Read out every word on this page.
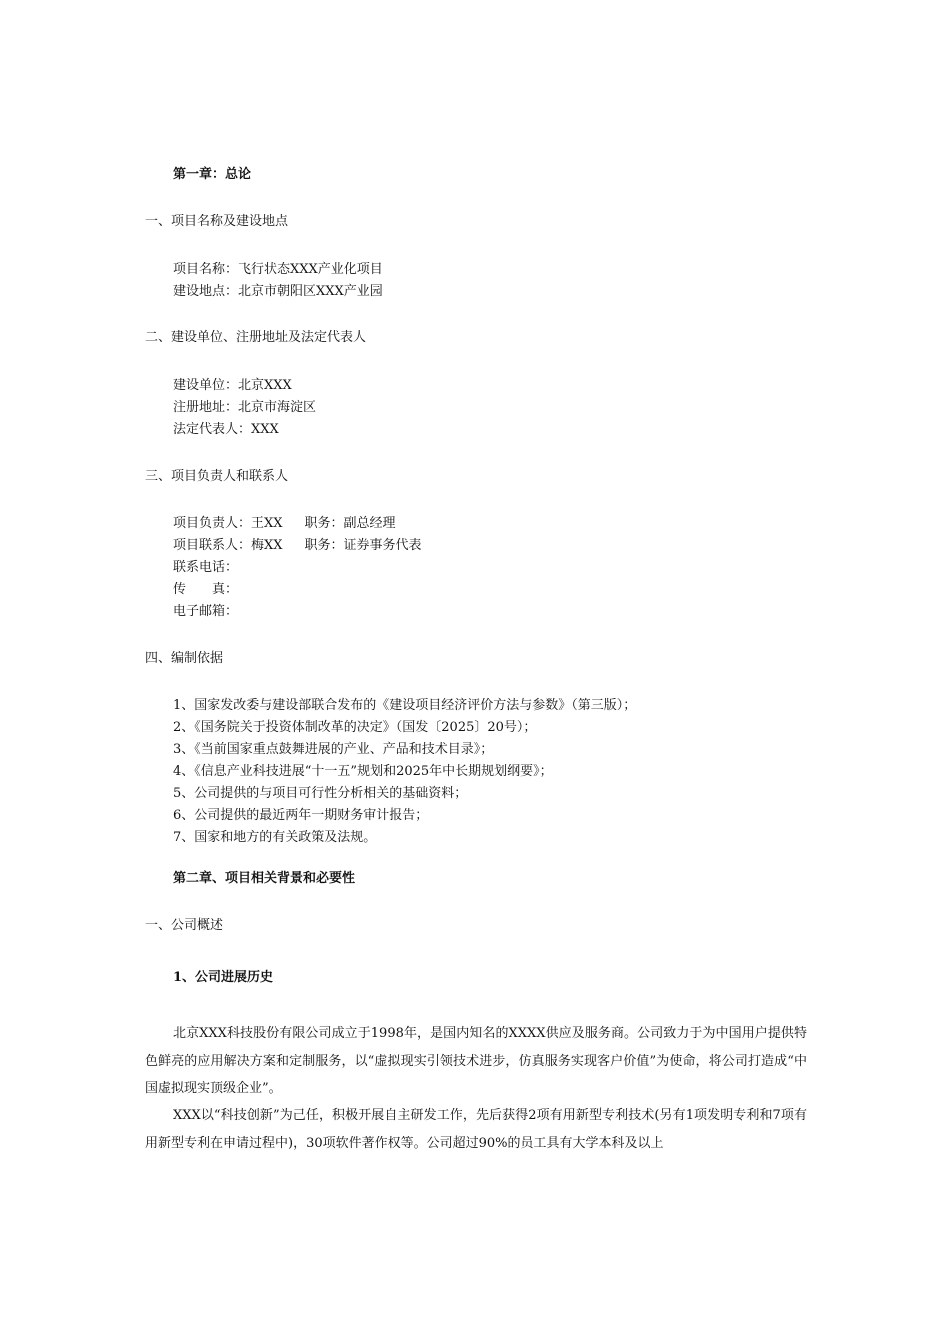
第一章：总论
一、项目名称及建设地点
项目名称：飞行状态XXX产业化项目
建设地点：北京市朝阳区XXX产业园
二、建设单位、注册地址及法定代表人
建设单位：北京XXX
注册地址：北京市海淀区
法定代表人：XXX
三、项目负责人和联系人
项目负责人：王XX 职务：副总经理
项目联系人：梅XX 职务：证券事务代表
联系电话：
传 真：
电子邮箱：
四、编制依据
1、国家发改委与建设部联合发布的《建设项目经济评价方法与参数》（第三版）；
2、《国务院关于投资体制改革的决定》（国发〔2025〕20号）；
3、《当前国家重点鼓舞进展的产业、产品和技术目录》；
4、《信息产业科技进展“十一五”规划和2025年中长期规划纲要》；
5、公司提供的与项目可行性分析相关的基础资料；
6、公司提供的最近两年一期财务审计报告；
7、国家和地方的有关政策及法规。
第二章、项目相关背景和必要性
一、公司概述
1、公司进展历史
北京XXX科技股份有限公司成立于1998年，是国内知名的XXXX供应及服务商。公司致力于为中国用户提供特色鲜亮的应用解决方案和定制服务，以“虚拟现实引领技术进步，仿真服务实现客户价值”为使命，将公司打造成“中国虚拟现实顶级企业”。
XXX以“科技创新”为己任，积极开展自主研发工作，先后获得2项有用新型专利技术(另有1项发明专利和7项有用新型专利在申请过程中)，30项软件著作权等。公司超过90%的员工具有大学本科及以上
